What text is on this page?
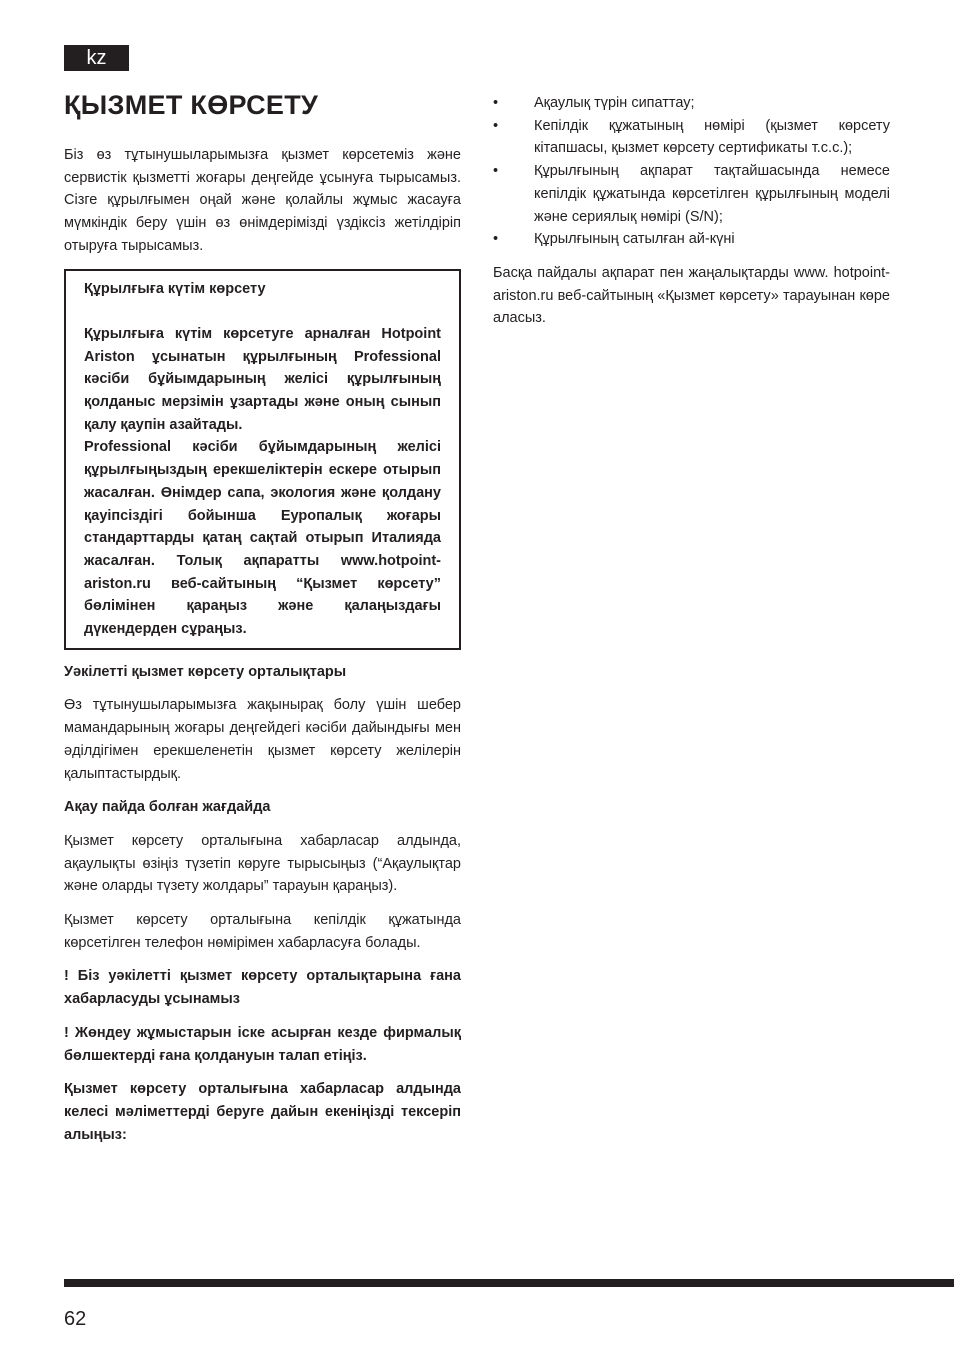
kz
ҚЫЗМЕТ КӨРСЕТУ

Біз өз тұтынушыларымызға қызмет көрсетеміз және сервистік қызметті жоғары деңгейде ұсынуға тырысамыз. Сізге құрылғымен оңай және қолайлы жұмыс жасауға мүмкіндік беру үшін өз өнімдерімізді үздіксіз жетілдіріп отыруға тырысамыз.

Құрылғыға күтім көрсету

Құрылғыға күтім көрсетуге арналған Hotpoint Ariston ұсынатын құрылғының Professional кәсіби бұйымдарының желісі құрылғының қолданыс мерзімін ұзартады және оның сынып қалу қаупін азайтады.

Professional кәсіби бұйымдарының желісі құрылғыңыздың ерекшеліктерін ескере отырып жасалған. Өнімдер сапа, экология және қолдану қауіпсіздігі бойынша Еуропалық жоғары стандарттарды қатаң сақтай отырып Италияда жасалған. Толық ақпаратты www.hotpoint-ariston.ru веб-сайтының “Қызмет көрсету” бөлімінен қараңыз және қалаңыздағы дүкендерден сұраңыз.

Уәкілетті қызмет көрсету орталықтары

Өз тұтынушыларымызға жақынырақ болу үшін шебер мамандарының жоғары деңгейдегі кәсіби дайындығы мен әділдігімен ерекшеленетін қызмет көрсету желілерін қалыптастырдық.

Ақау пайда болған жағдайда

Қызмет көрсету орталығына хабарласар алдында, ақаулықты өзіңіз түзетіп көруге тырысыңыз (“Ақаулықтар және оларды түзету жолдары” тарауын қараңыз).

Қызмет көрсету орталығына кепілдік құжатында көрсетілген телефон нөмірімен хабарласуға болады.

! Біз уәкілетті қызмет көрсету орталықтарына ғана хабарласуды ұсынамыз

! Жөндеу жұмыстарын іске асырған кезде фирмалық бөлшектерді ғана қолдануын талап етіңіз.

Қызмет көрсету орталығына хабарласар алдында келесі мәліметтерді беруге дайын екеніңізді тексеріп алыңыз:

•	Ақаулық түрін сипаттау;
•	Кепілдік құжатының нөмірі (қызмет көрсету кітапшасы, қызмет көрсету сертификаты т.с.с.);
•	Құрылғының ақпарат тақтайшасында немесе кепілдік құжатында көрсетілген құрылғының моделі және сериялық нөмірі (S/N);
•	Құрылғының сатылған ай-күні

Басқа пайдалы ақпарат пен жаңалықтарды www. hotpoint-ariston.ru веб-сайтының «Қызмет көрсету» тарауынан көре аласыз.

62
